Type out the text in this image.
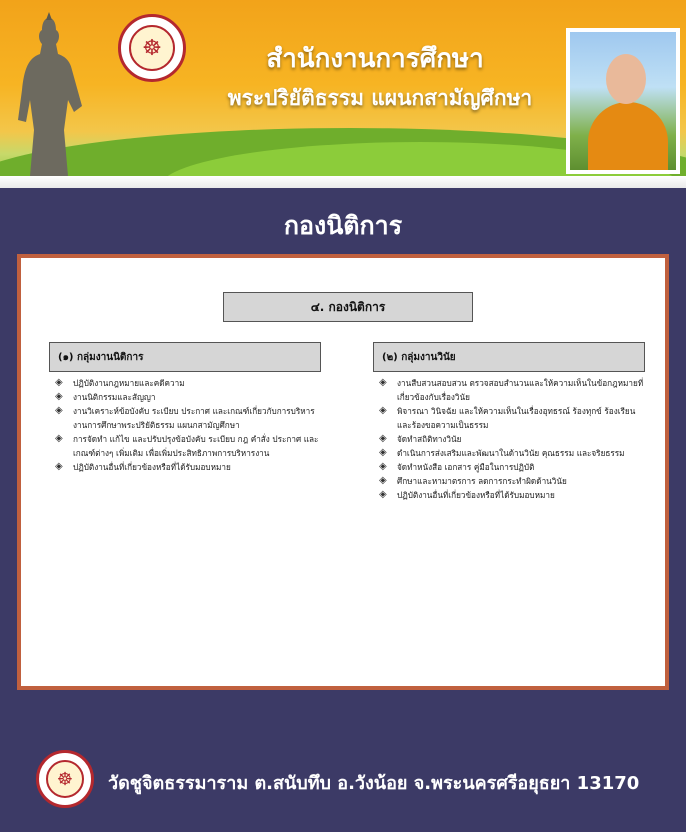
☸	สำนักงานการศึกษา
พระปริยัติธรรม แผนกสามัญศึกษา
กองนิติการ
๔. กองนิติการ
(๑) กลุ่มงานนิติการ	(๒) กลุ่มงานวินัย
◈ ปฏิบัติงานกฎหมายและคดีความ
◈ งานนิติกรรมและสัญญา
◈ งานวิเคราะห์ข้อบังคับ ระเบียบ ประกาศ และเกณฑ์เกี่ยวกับการบริหารงานการศึกษาพระปริยัติธรรม แผนกสามัญศึกษา
◈ การจัดทำ แก้ไข และปรับปรุงข้อบังคับ ระเบียบ กฎ คำสั่ง ประกาศ และเกณฑ์ต่างๆ เพิ่มเติม เพื่อเพิ่มประสิทธิภาพการบริหารงาน
◈ ปฏิบัติงานอื่นที่เกี่ยวข้องหรือที่ได้รับมอบหมาย
◈ งานสืบสวนสอบสวน ตรวจสอบสำนวนและให้ความเห็นในข้อกฎหมายที่เกี่ยวข้องกับเรื่องวินัย
◈ พิจารณา วินิจฉัย และให้ความเห็นในเรื่องอุทธรณ์ ร้องทุกข์ ร้องเรียนและร้องขอความเป็นธรรม
◈ จัดทำสถิติทางวินัย
◈ ดำเนินการส่งเสริมและพัฒนาในด้านวินัย คุณธรรม และจริยธรรม
◈ จัดทำหนังสือ เอกสาร คู่มือในการปฏิบัติ
◈ ศึกษาและหามาตรการ ลดการกระทำผิดด้านวินัย
◈ ปฏิบัติงานอื่นที่เกี่ยวข้องหรือที่ได้รับมอบหมาย
☸	วัดชูจิตธรรมาราม ต.สนับทึบ อ.วังน้อย จ.พระนครศรีอยุธยา 13170
